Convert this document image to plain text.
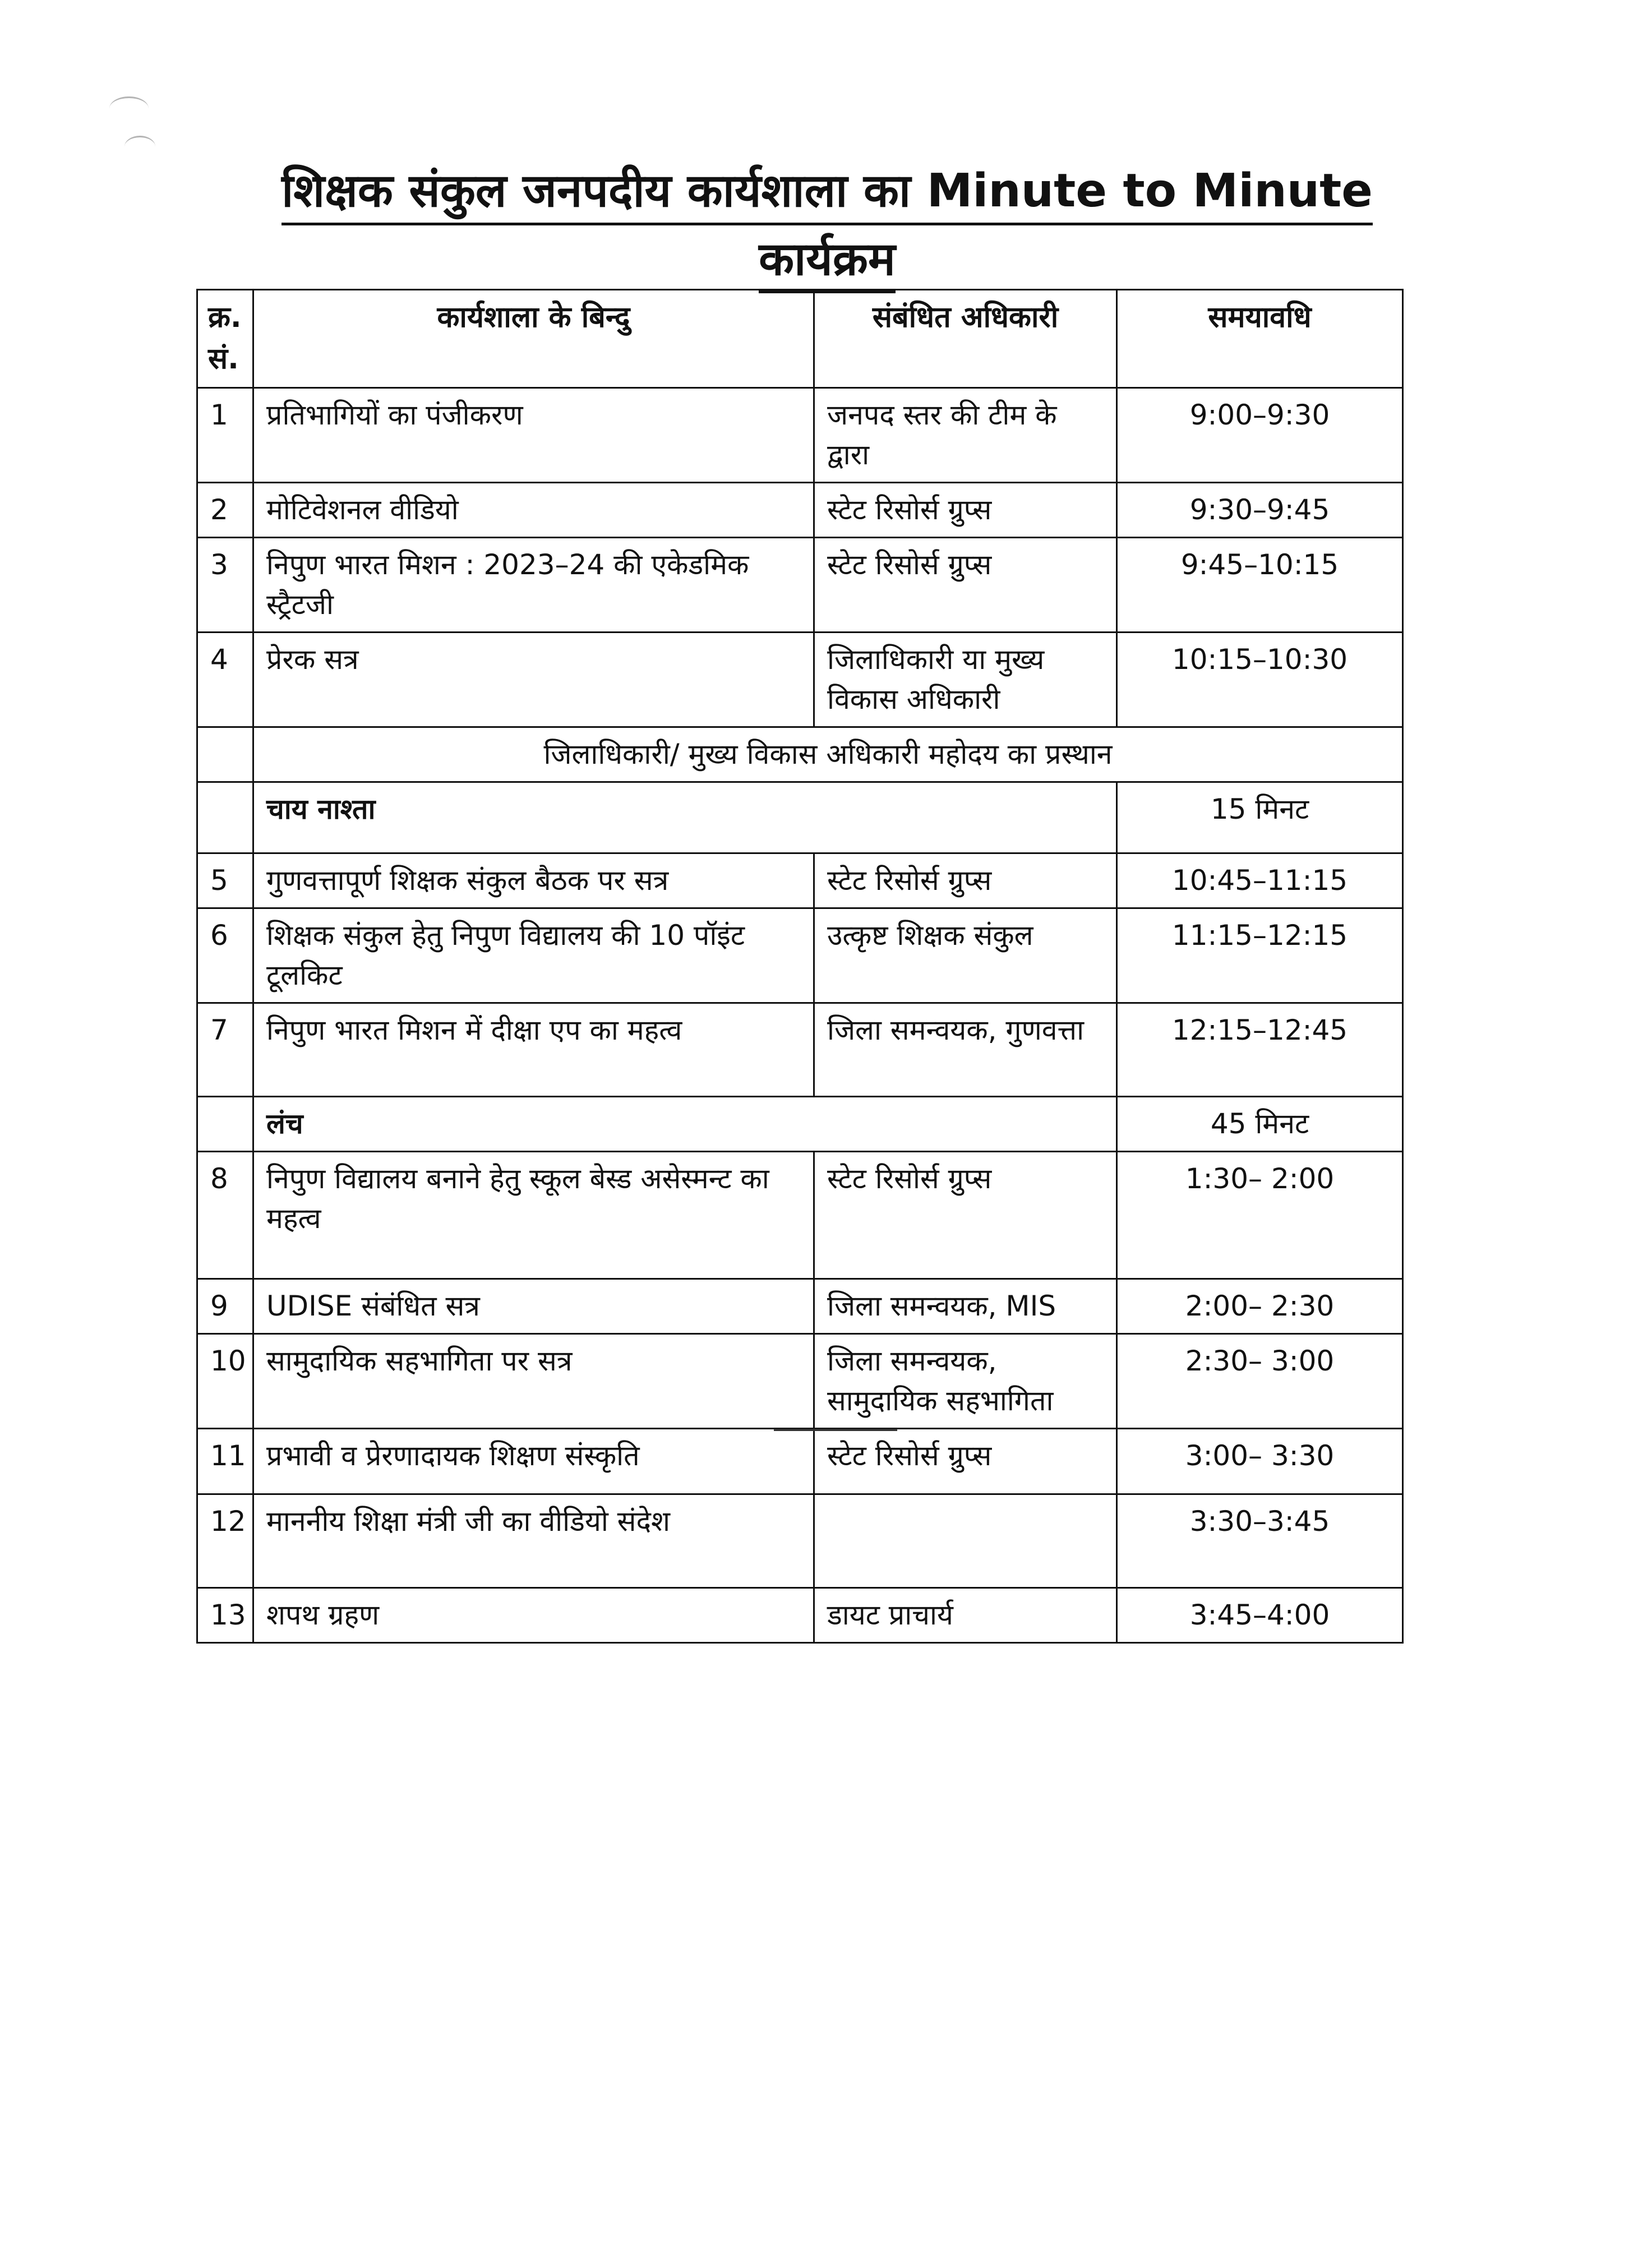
शिक्षक संकुल जनपदीय कार्यशाला का Minute to Minute
कार्यक्रम
क्र. सं.	कार्यशाला के बिन्दु	संबंधित अधिकारी	समयावधि
1	प्रतिभागियों का पंजीकरण	जनपद स्तर की टीम के द्वारा	9:00–9:30
2	मोटिवेशनल वीडियो	स्टेट रिसोर्स ग्रुप्स	9:30–9:45
3	निपुण भारत मिशन : 2023–24 की एकेडमिक स्ट्रैटजी	स्टेट रिसोर्स ग्रुप्स	9:45–10:15
4	प्रेरक सत्र	जिलाधिकारी या मुख्य विकास अधिकारी	10:15–10:30
	जिलाधिकारी/ मुख्य विकास अधिकारी महोदय का प्रस्थान		
	चाय नाश्ता		15 मिनट
5	गुणवत्तापूर्ण शिक्षक संकुल बैठक पर सत्र	स्टेट रिसोर्स ग्रुप्स	10:45–11:15
6	शिक्षक संकुल हेतु निपुण विद्यालय की 10 पॉइंट टूलकिट	उत्कृष्ट शिक्षक संकुल	11:15–12:15
7	निपुण भारत मिशन में दीक्षा एप का महत्व	जिला समन्वयक, गुणवत्ता	12:15–12:45
	लंच		45 मिनट
8	निपुण विद्यालय बनाने हेतु स्कूल बेस्ड असेस्मन्ट का महत्व	स्टेट रिसोर्स ग्रुप्स	1:30– 2:00
9	UDISE संबंधित सत्र	जिला समन्वयक, MIS	2:00– 2:30
10	सामुदायिक सहभागिता पर सत्र	जिला समन्वयक, सामुदायिक सहभागिता	2:30– 3:00
11	प्रभावी व प्रेरणादायक शिक्षण संस्कृति	स्टेट रिसोर्स ग्रुप्स	3:00– 3:30
12	माननीय शिक्षा मंत्री जी का वीडियो संदेश		3:30–3:45
13	शपथ ग्रहण	डायट प्राचार्य	3:45–4:00
